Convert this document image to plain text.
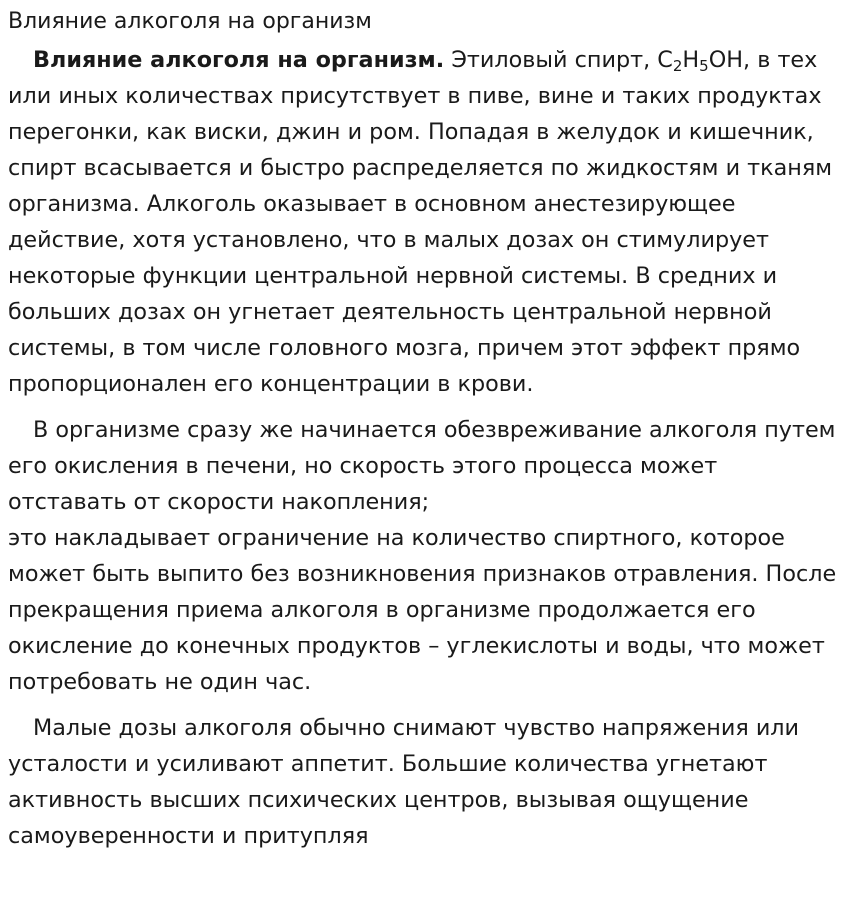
Влияние алкоголя на организм

Влияние алкоголя на организм. Этиловый спирт, $C_2H_5OH$, в тех или иных количествах присутствует в пиве, вине и таких продуктах перегонки, как виски, джин и ром. Попадая в желудок и кишечник, спирт всасывается и быстро распределяется по жидкостям и тканям организма. Алкоголь оказывает в основном анестезирующее действие, хотя установлено, что в малых дозах он стимулирует некоторые функции центральной нервной системы. В средних и больших дозах он угнетает деятельность центральной нервной системы, в том числе головного мозга, причем этот эффект прямо пропорционален его концентрации в крови.

В организме сразу же начинается обезвреживание алкоголя путем его окисления в печени, но скорость этого процесса может отставать от скорости накопления;
это накладывает ограничение на количество спиртного, которое может быть выпито без возникновения признаков отравления. После прекращения приема алкоголя в организме продолжается его окисление до конечных продуктов – углекислоты и воды, что может потребовать не один час.

Малые дозы алкоголя обычно снимают чувство напряжения или усталости и усиливают аппетит. Большие количества угнетают активность высших психических центров, вызывая ощущение самоуверенности и притупляя
